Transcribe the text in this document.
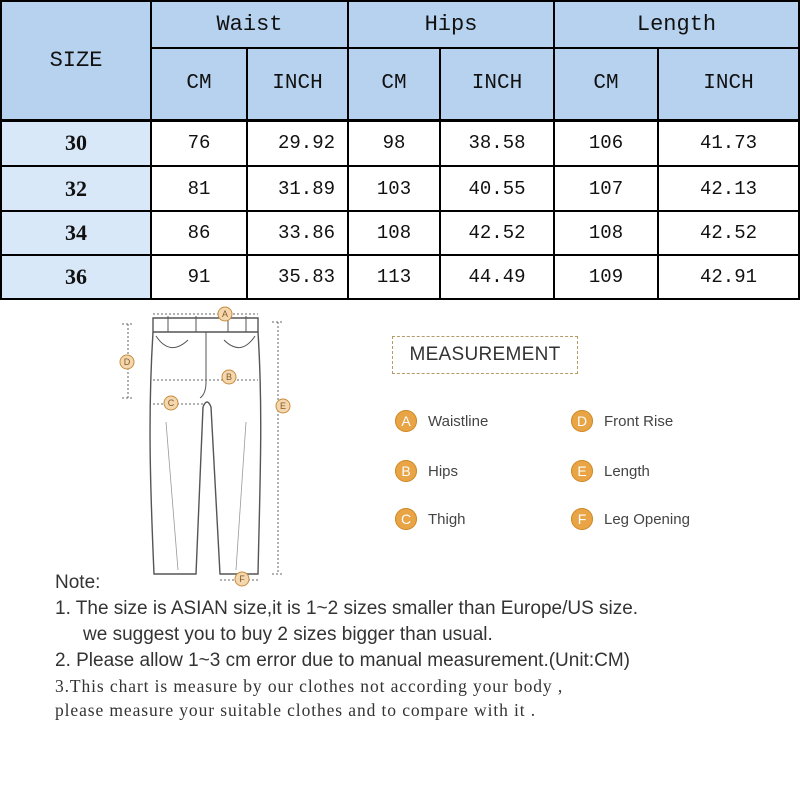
SIZE	Waist		Hips		Length	
	CM	INCH	CM	INCH	CM	INCH
30	76	29.92	98	38.58	106	41.73
32	81	31.89	103	40.55	107	42.13
34	86	33.86	108	42.52	108	42.52
36	91	35.83	113	44.49	109	42.91
A
B
C
D
E
F
MEASUREMENT
A	Waistline
B	Hips
C	Thigh
D	Front Rise
E	Length
F	Leg Opening

Note:

1. The size is ASIAN size,it is 1~2 sizes smaller than Europe/US size.

we suggest you to buy 2 sizes bigger than usual.

2. Please allow 1~3 cm error due to manual measurement.(Unit:CM)

3.This chart is measure by our clothes not according your body ,

please measure your suitable clothes and to compare with it .
